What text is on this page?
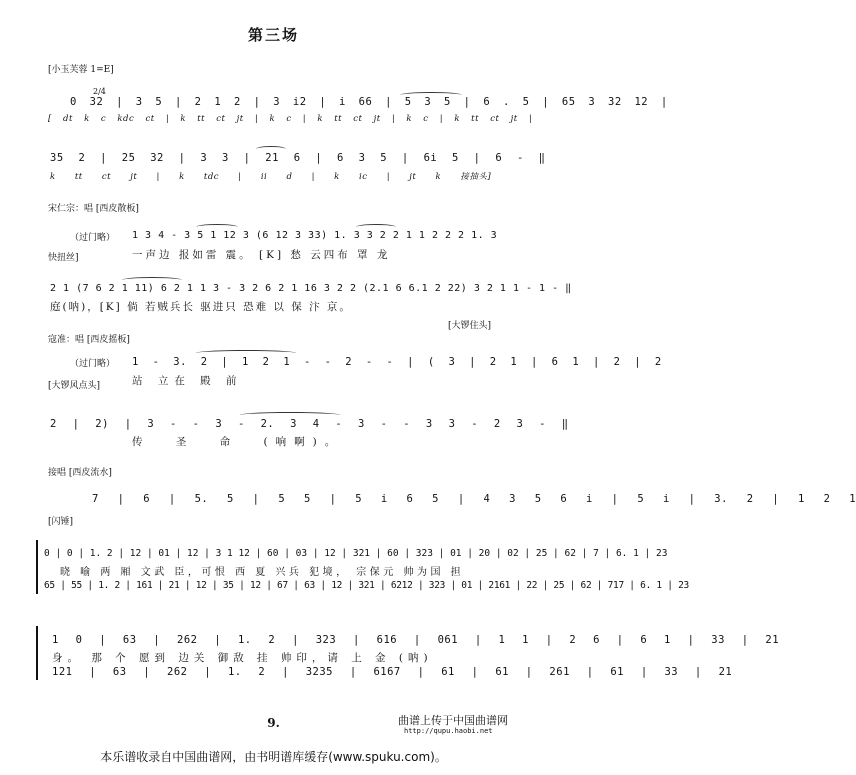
第三场
[小玉芙蓉 1=E]
2/4
0 32 | 3 5 | 2 1 2 | 3 i2 | i 66 | 5 3 5 | 6 . 5 | 65 3 32 12 |
[ dt k c kdc ct | k tt ct jt | k c | k tt ct jt | k c | k tt ct jt |
35 2 | 25 32 | 3 3 | 21 6 | 6 3 5 | 6i 5 | 6 - ‖
k tt ct jt | k tdc | ii d | k ic | jt k 接抽头]
宋仁宗：唱 [西皮散板]
（过门略） 1 3 4 - 3 5 1 12 3 (6 12 3 33) 1. 3 3 2 2 1 1 2 2 2 1. 3
一声边 报如雷 震。 [K] 愁 云四布 罩 龙
快扭丝]
2 1 (7 6 2 1 11) 6 2 1 1 3 - 3 2 6 2 1 16 3 2 2 (2.1 6 6.1 2 22) 3 2 1 1 - 1 - ‖
庭(呐)，[K] 倘 若贼兵长 驱进只 恐难 以 保 汴 京。
[大锣住头]
寇准：唱 [西皮摇板]
（过门略） 1 - 3. 2 | 1 2 1 - - 2 - - | ( 3 | 2 1 | 6 1 | 2 | 2
站 立在 殿 前
[大锣风点头]
2 | 2) | 3 - - 3 - 2. 3 4 - 3 - - 3 3 - 2 3 - ‖
传 圣 命 (响啊)。
接唱 [西皮流水]
7 | 6 | 5. 5 | 5 5 | 5 i 6 5 | 4 3 5 6 i | 5 i | 3. 2 | 1 2 1
[闪锤]
0 | 0 | 1. 2 | 12 | 01 | 12 | 3 1 12 | 60 | 03 | 12 | 321 | 60 | 323 | 01 | 20 | 02 | 25 | 62 | 7 | 6. 1 | 23
晓 喻 两 厢 文武 臣，可恨 西 夏 兴兵 犯境， 宗保元 帅为国 担
65 | 55 | 1. 2 | 161 | 21 | 12 | 35 | 12 | 67 | 63 | 12 | 321 | 6212 | 323 | 01 | 2161 | 22 | 25 | 62 | 717 | 6. 1 | 23
1 0 | 63 | 262 | 1. 2 | 323 | 616 | 061 | 1 1 | 2 6 | 6 1 | 33 | 21
身。 那 个 愿到 边关 御敌 挂 帅印，请 上 金 (呐)
121 | 63 | 262 | 1. 2 | 3235 | 6167 | 61 | 61 | 261 | 61 | 33 | 21
9.	曲谱上传于中国曲谱网
http://qupu.haobi.net
本乐谱收录自中国曲谱网，由书明谱库缓存(www.spuku.com)。
